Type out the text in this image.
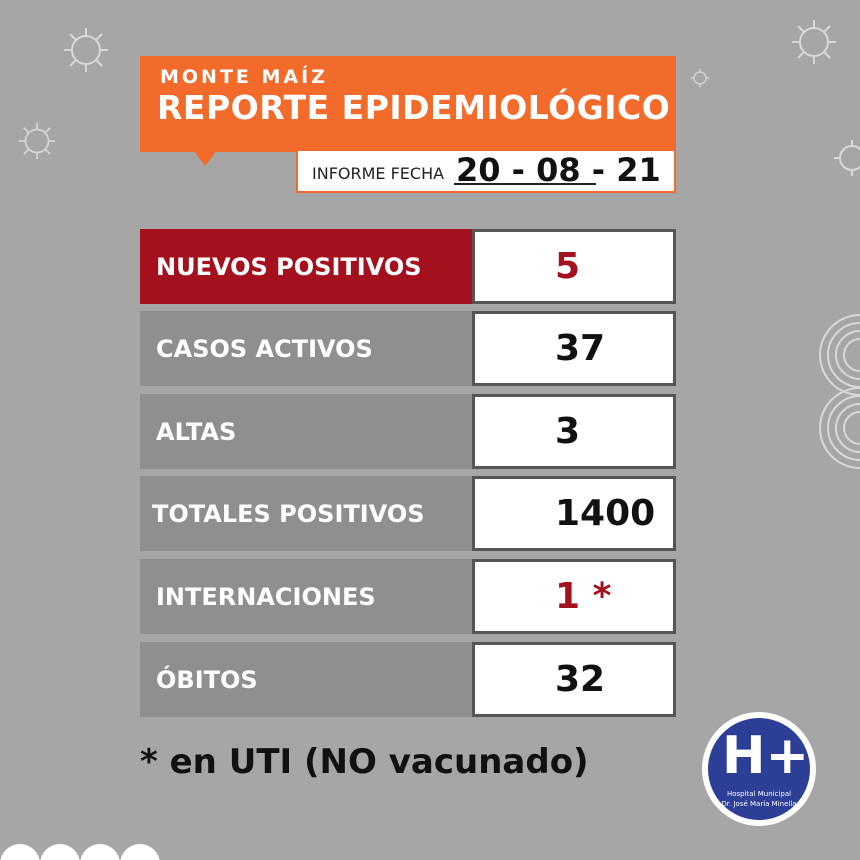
MONTE MAÍZ
REPORTE EPIDEMIOLÓGICO
INFORME FECHA 20 - 08 - 21
NUEVOS POSITIVOS	5
CASOS ACTIVOS	37
ALTAS	3
TOTALES POSITIVOS	1400
INTERNACIONES	1 *
ÓBITOS	32
* en UTI (NO vacunado)	H+
Hospital Municipal
Dr. José María Minella
